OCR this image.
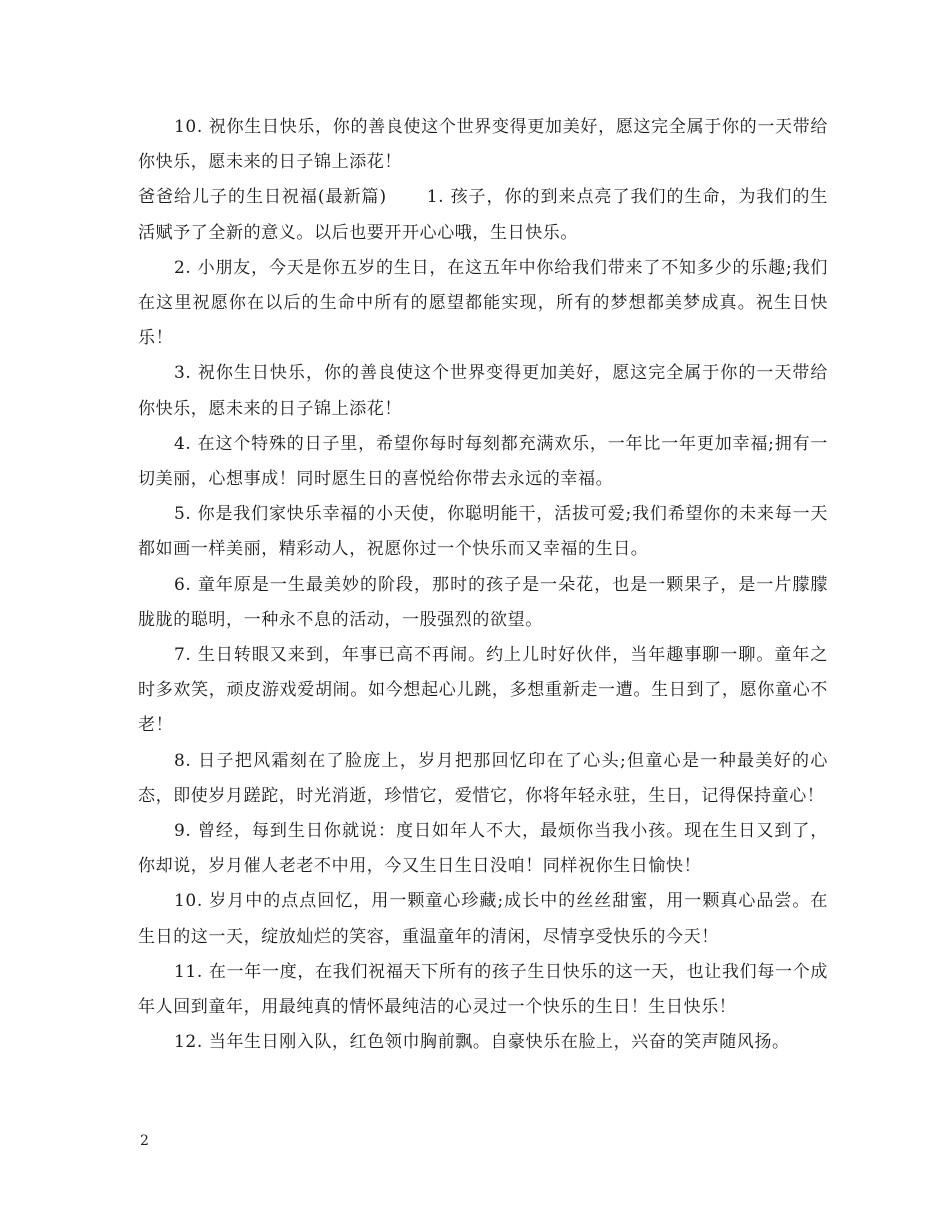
10. 祝你生日快乐，你的善良使这个世界变得更加美好，愿这完全属于你的一天带给你快乐，愿未来的日子锦上添花！

爸爸给儿子的生日祝福(最新篇) 1. 孩子，你的到来点亮了我们的生命，为我们的生活赋予了全新的意义。以后也要开开心心哦，生日快乐。

2. 小朋友，今天是你五岁的生日，在这五年中你给我们带来了不知多少的乐趣;我们在这里祝愿你在以后的生命中所有的愿望都能实现，所有的梦想都美梦成真。祝生日快乐！

3. 祝你生日快乐，你的善良使这个世界变得更加美好，愿这完全属于你的一天带给你快乐，愿未来的日子锦上添花！

4. 在这个特殊的日子里，希望你每时每刻都充满欢乐，一年比一年更加幸福;拥有一切美丽，心想事成！同时愿生日的喜悦给你带去永远的幸福。

5. 你是我们家快乐幸福的小天使，你聪明能干，活拔可爱;我们希望你的未来每一天都如画一样美丽，精彩动人，祝愿你过一个快乐而又幸福的生日。

6. 童年原是一生最美妙的阶段，那时的孩子是一朵花，也是一颗果子，是一片朦朦胧胧的聪明，一种永不息的活动，一股强烈的欲望。

7. 生日转眼又来到，年事已高不再闹。约上儿时好伙伴，当年趣事聊一聊。童年之时多欢笑，顽皮游戏爱胡闹。如今想起心儿跳，多想重新走一遭。生日到了，愿你童心不老！

8. 日子把风霜刻在了脸庞上，岁月把那回忆印在了心头;但童心是一种最美好的心态，即使岁月蹉跎，时光消逝，珍惜它，爱惜它，你将年轻永驻，生日，记得保持童心！

9. 曾经，每到生日你就说：度日如年人不大，最烦你当我小孩。现在生日又到了，你却说，岁月催人老老不中用，今又生日生日没咱！同样祝你生日愉快！

10. 岁月中的点点回忆，用一颗童心珍藏;成长中的丝丝甜蜜，用一颗真心品尝。在生日的这一天，绽放灿烂的笑容，重温童年的清闲，尽情享受快乐的今天！

11. 在一年一度，在我们祝福天下所有的孩子生日快乐的这一天，也让我们每一个成年人回到童年，用最纯真的情怀最纯洁的心灵过一个快乐的生日！生日快乐！

12. 当年生日刚入队，红色领巾胸前飘。自豪快乐在脸上，兴奋的笑声随风扬。

2
